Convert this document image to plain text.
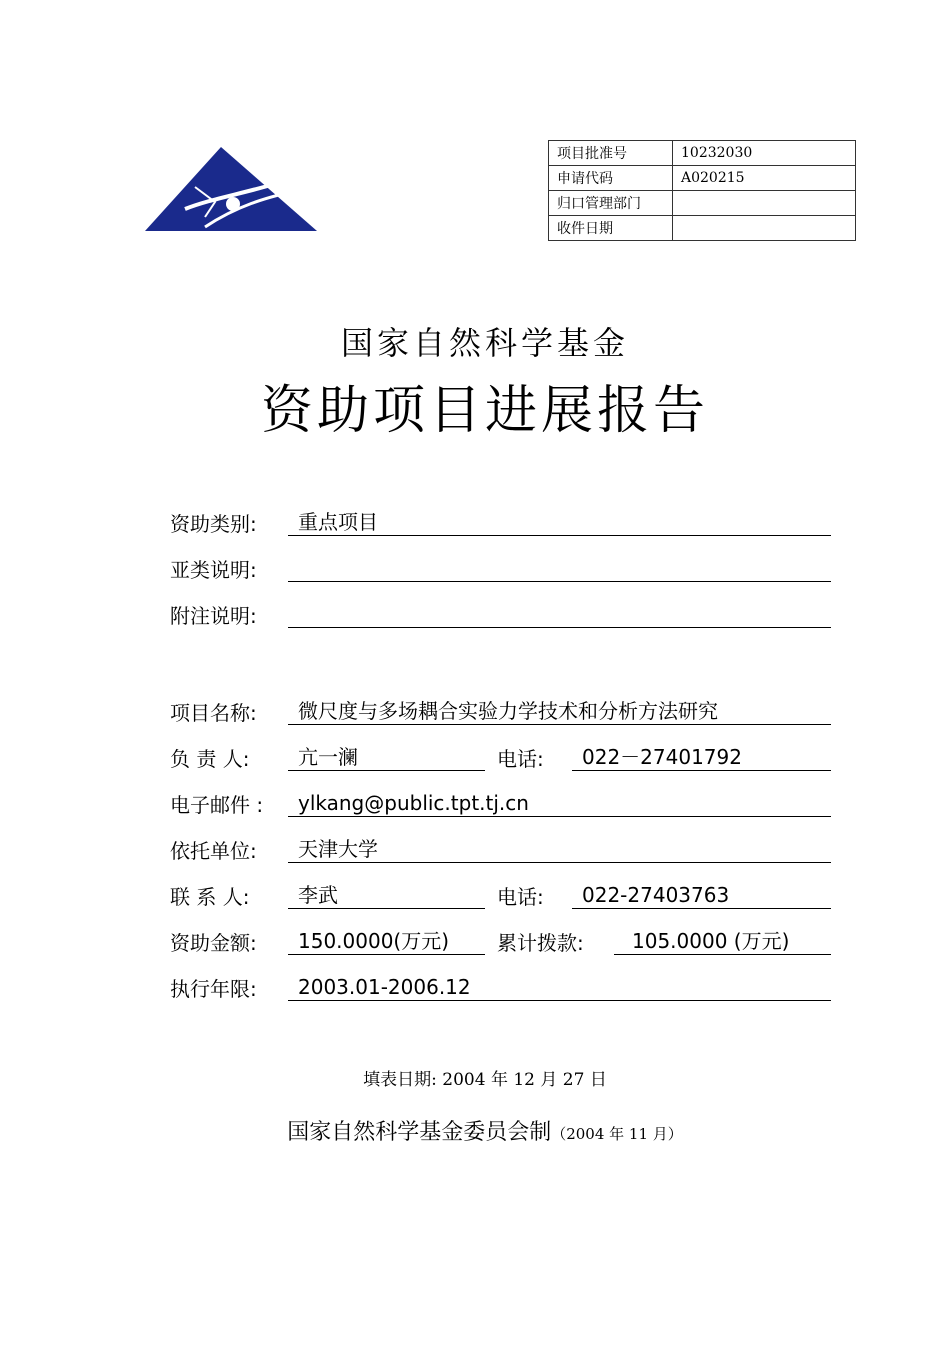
项目批准号	10232030
申请代码	A020215
归口管理部门	
收件日期	
国家自然科学基金
资助项目进展报告
资助类别:	重点项目
亚类说明:
附注说明:
项目名称:	微尺度与多场耦合实验力学技术和分析方法研究
负 责 人:	亢一澜	电话:	022－27401792
电子邮件 :	ylkang@public.tpt.tj.cn
依托单位:	天津大学
联 系 人:	李武	电话:	022-27403763
资助金额:	150.0000(万元)	累计拨款:	105.0000 (万元)
执行年限:	2003.01-2006.12
填表日期: 2004 年 12 月 27 日
国家自然科学基金委员会制（2004 年 11 月）
